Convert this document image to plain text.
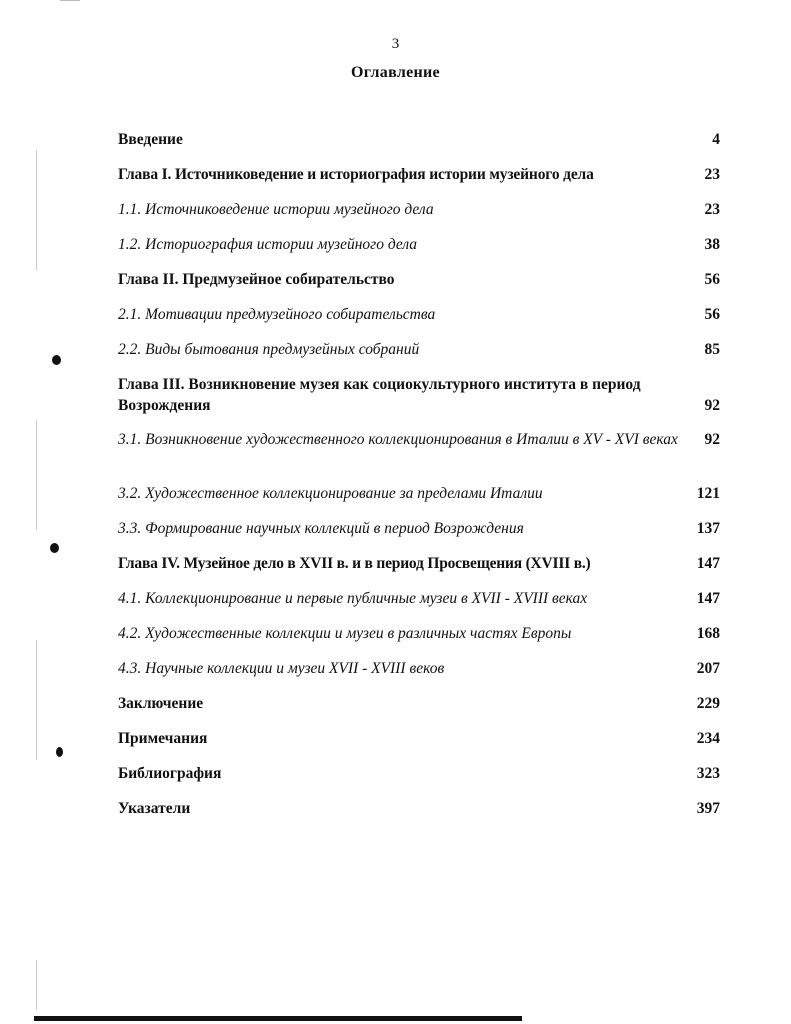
3
Оглавление
Введение	4
Глава I. Источниковедение и историография истории музейного дела	23
1.1. Источниковедение истории музейного дела	23
1.2. Историография истории музейного дела	38
Глава II. Предмузейное собирательство	56
2.1. Мотивации предмузейного собирательства	56
2.2. Виды бытования предмузейных собраний	85
Глава III. Возникновение музея как социокультурного института в период Возрождения	92
3.1. Возникновение художественного коллекционирования в Италии в XV - XVI веках	92
3.2. Художественное коллекционирование за пределами Италии	121
3.3. Формирование научных коллекций в период Возрождения	137
Глава IV. Музейное дело в XVII в. и в период Просвещения (XVIII в.)	147
4.1. Коллекционирование и первые публичные музеи в XVII - XVIII веках	147
4.2. Художественные коллекции и музеи в различных частях Европы	168
4.3. Научные коллекции и музеи XVII - XVIII веков	207
Заключение	229
Примечания	234
Библиография	323
Указатели	397
